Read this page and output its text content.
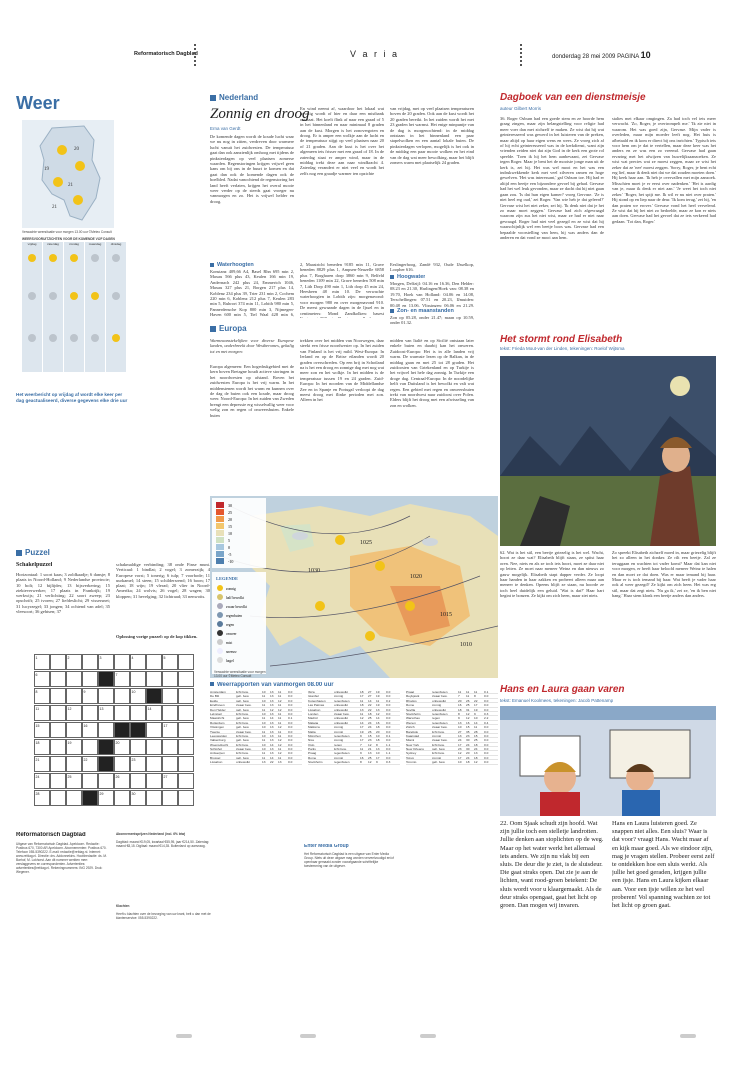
Reformatorisch Dagblad	V a r i a	donderdag 28 mei 2009 PAGINA 10
Weer
19
20
21
21
Verwachte weersituatie voor morgen 13.00 uur ©Meteo Consult
WEERSVOORUITZICHTEN VOOR DE KOMENDE VIJF DAGEN
vrijdag	zaterdag	zondag	maandag	dinsdag
Het weerbericht op vrijdag af wordt elke keer per dag geactualiseerd, diverse gegevens elke drie uur
Nederland
Zonnig en droog
Erna van Gerdt
De komende dagen wordt de koude lucht waar we nu nog in zitten, verdreven door warmere lucht vanuit het zuidwesten. De temperatuur gaat dan ook aanzienlijk omhoog met tijdens de pinksterdagen op veel plaatsen zomerse waarden. Regenstoringen krijgen vrijwel geen kans om bij ons in de buurt te komen en dat gaat dan ook de komende dagen ook de boelbled. Nadat vanochtend de regenstoring het land heeft verlaten, krijgen het overal mooie weer verder op de steeds gaat vroeger nu vanmorgen en zo. Het is vrijwel helder en droog.
En wind neemt af, waardoor het lokaal wat nevelig wordt of hier en daar een mistbank ontstaat. Het koelt flink af naar een graad of 5 in het binnenland en naar minimaal 8 graden aan de kust. Morgen is het zonovergoten en droog. Er is amper een wolkje aan de lucht en de temperatuur stijgt op veel plaatsen naar 20 of 21 graden. Aan de kust is het over het algemeen iets frisser met een graad of 18. In de zaterdag staat er amper wind, maar in de middag trekt deze aan naar windkracht 4. Zaterdag verandert er niet veel en wordt het zelfs nog een graadje warmer ten opzichte
van vrijdag, met op veel plaatsen temperaturen boven de 20 graden. Ook aan de kust wordt het 20 graden bereikt. In het zuiden wordt het met 23 graden het warmst. Het enige minpuntje van de dag is morgenochtend: in de middag ontstaan in het binnenland een paar stapelwolken en een aantal lokale buien. De pinksterdagen verlopen, mogelijk is het ook in de middag een paar mooie wolken en het eind van de dag wat meer bewolking, maar het blijft zomers warm met plaatselijk 24 graden.
Waterhoogten
Konstanz 409,66 A4, Basel Rhn 695 min 2, Maxau 566 plus 43, Keulen 166 min 19, Andernach 242 plus 24, Emmerich 1046, Maxau 327 plus 21, Borgen 217 plus 14, Koblenz 234 plus 39, Trier 231 min 2, Cochem 220 min 6, Koblenz 212 plus 7, Keulen 283 min 5, Ruhrort 374 min 11, Lobith 980 min 5, Pannerdensche Kop 800 min 3, Nijmegen-Haven 600 min 5, Tiel Waal 428 min 6,
2, Maastricht beneden 9185 min 11, Grave beneden 8829 plus 1, Ampsen-Neuzelle 6858 plus 7, Borgharen dorp 3860 min 9, Belfeld beneden 1109 min 22, Grave beneden 508 min 7, Lith Dorp 490 min 1, Lith dorp 45 min 24, Heesbeen 48 min 10. De verwachte waterhoogten in Lobith zijn: morgenavond: voor morgen 980 en over morgenavond 910. De meest gewaande dagen in de Ijssel en in centimeters: Mond Zandkolken: basest
Eeslingerhoog, Zandé 932, Oude IJsselkop, Loopher 616.
Hoogwater
Morgen, Delfzijl: 04.16 en 16.36, Den Helder: 08.23 en 21.30, Harlingen/Hoek van: 08.38 en 19.70, Hoek van Holland: 04.06 en 14.08, Terschellingen: 07.51 en 20.23, IJmuiden: 00.48 en 13.06, Vlissingen: 06.06 en 21.29,
Zon- en maanstanden
Zon op 05.28, onder 21.47; maan op 10.59, onder 01.32.
Europa
Warmeaanstekelijken voor diverse Europese landen, onderbreekt door Westberomes, gekalig tot en met morgen:
Europa algemeen: Een hogedrukgebied met de kern boven Bretagne houdt actieve storingen in het noordwesten op afstand. Boven het zuidwesten Europa is het vrij warm. In het middenstenen wordt het warm en kunnen over de dag de buien ook een koude, maar droog weer. Noord-Europa: In het zuiden van Zweden brengt een depressie erg wisselvallig weer voor welig zon en regen of onweersbuien. Enkele buien
trekken over het midden van Noorwegen, daar steekt een frisse noordwester op. In het zuiden van Finland is het vrij mild. West-Europa: In Ierland en op de Britse eilanden wordt 20 graden overschreden. Op een brij in Schotland na is het een droog en zonnige dag met nog wat meer zon en het wolkje. In het midden is de temperatuur tussen 19 en 24 graden. Zuid-Europa: In het noorden van de Middellandse Zee en in Spanje en Portugal verloopt de dag meest droog met flinke perioden met zon. Alleen in het
midden van Italië en op Sicilië ontstaan later enkele buien en daarbij kan het onweren. Zuidoost-Europa: Het is in alle landen vrij warm. De warmste lezen op de Balkan, in de middag gaan en met 25 tot 28 graden. Het zuidoosten van Griekenland en op Turkije is het vrijwel het hele dag zonnig. In Turkije een droge dag. Centraal-Europa: In de noordelijke helft van Duitsland is het bewolkt en valt wat regen. Een gebied met regen en onweersbuien trekt van noordwest naar zuidoost over Polen. Elders blijft het droog met een afwisseling van zon en wolken.
1030
1025
1020
1015
1010
30
25
20
15
10
5
0
-5
-10
LEGENDE
zonnig
half bewolkt
zwaar bewolkt
regenbuien
regen
onweer
mist
sneeuw
hagel
Verwachte weersituatie voor morgen 13.00 uur ©Meteo Consult
Weerrapporten van vanmorgen 08.00 uur
Amsterdam	licht bew.	10 13 11 0.0
De Bilt	geh. bew.	11 13 11 0.0
Eelde	geh. bew.	10 13 12 0.0
Eindhoven	zwaar bew.	11 13 11 0.0
Den Helder	geh. bew.	11 12 12 0.0
Lelystad	licht bew.	10 13 11 0.0
Maastricht	geh. bew.	11 14 11 0.1
Rotterdam	licht bew.	10 13 11 0.0
Vlissingen	geh. bew.	10 13 12 0.0
Twente	zwaar bew.	11 13 11 0.0
Leeuwarden	licht bew.	10 13 11 0.0
Valkenburg	geh. bew.	11 13 12 0.0
Woensdrecht	licht bew.	10 14 12 0.0
Schiphol	zwaar bew.	10 13 11 0.0
Antwerpen	licht bew.	11 13 12 0.0
Brussel	geh. bew.	11 14 11 0.0
Lissabon	onbewolkt	13 22 13 0.0
Ibiza	onbewolkt	18 27 19 0.0
Istanbul	zonnig	17 27 19 0.0
Kopenhagen	regenbuien	11 14 11 0.2
Las Palmas	onbewolkt	18 22 19 0.0
Lissabon	onbewolkt	13 22 13 0.0
Londen	zwaar bew.	11 18 12 0.0
Madrid	onbewolkt	12 25 14 0.0
Malaga	onbewolkt	14 24 16 0.0
Mallorca	zonnig	17 24 18 0.0
Malta	zonnig	19 26 20 0.0
München	regenbuien	9 15 10 0.1
Nice	zonnig	17 23 18 0.0
Oslo	regen	7 12 8	1.1
Parijs	licht bew.	11 21 13 0.0
Praag	regenbuien	9 13 10 1.1
Rome	zonnig	16 25 17 0.0
Stockholm	regenbuien	8 12 9	0.3
Praag	regenbuien	11 11 11 0.1
Reykjavik	zwaar bew.	7 11 8	0.0
Rhodos	onbewolkt	20 26 22 0.0
Rome	zonnig	16 25 17 0.0
Sevilla	onbewolkt	18 31 19 0.0
Stockholm	regenbuien	8 12 9	0.3
Warschau	regen	9 12 10 2.2
Wenen	regenbuien	13 16 14 0.4
Zürich	zwaar bew.	10 15 11 0.0
Bangkok	licht bew.	27 35 28 0.0
Kaapstad	zonnig	13 23 15 0.0
Miami	zwaar bew.	24 30 25 0.0
New York	licht bew.	17 24 18 0.0
New Orleans	geh. bew.	23 30 24 0.0
Sydney	licht bew.	12 20 13 0.0
Tokyo	zonnig	17 24 18 0.0
Toronto	geh. bew.	10 18 12 0.0
Puzzel
Schakelpuzzel
Horizontaal: 1 soort kaas; 3 zoldkaadje; 6 dansje; 8 plaats in Noord-Holland; 9 Nederlandse provincie; 10 bolt; 12 bijlijdes; 13 bijsverkering; 15 ziekteverwerker; 17 plaats in Frankrijk; 19 werkwijs; 21 verlichting; 22 soort zweep; 23 opschrift; 25 ivoren; 27 liefdeslicht; 29 vissersnet; 31 lucyrzegel; 33 jongen; 34 ochtend van adel; 35 vleesoort; 36 gehtsen; 37
schakmaldige verbinding; 38 onde Finse munt. Verticaal: 1 bindlat; 2 vogel; 3 zomerzijk; 4 Europese vorst; 5 tonerig; 6 tulp; 7 voorbode; 11 uurkamel; 14 steen; 15 schildersrend; 16 boon; 17 plaat; 18 wijn; 19 vlerad; 20 vlier in Noord-Amerika; 24 wolvis; 26 vogel; 28 wagen; 30 kloppen; 31 hevelging; 32 lichtraad; 33 nenwoits.
Oplossing vorige puzzel: op de kop tikken.
1	2	3	4	5
6	7
8	9	10
11	12	13	14
15	16	17
18	19	20
21	22	23
24	25	26	27
28	29	30
Reformatorisch Dagblad
Uitgave van Reformatorisch Dagblad. Apeldoorn. Redactie: Postbus 670, 7300 AR Apeldoorn. Abonnementen: Postbus 670. Telefoon 055-5390222. E-mail: redactie@refdag.nl. Internet: www.refdag.nl. Directie: drs. Addonnekins. Hoofdredactie: ds. M. Barhof, M. Lokhorst. Aan dit nummer werkten mee: verslaggevers en correspondenten. Advertenties: advertenties@refdag.nl. Rekeningnummers: ING 2929. Druk: Wegener.
Abonnementsprijzen Nederland (incl. 6% btw)
Dagblad: maand €19,05, kwartaal €55,95, jaar €214,50. Zaterdag: maand €8,15. Digitaal: maand €14,35. Buitenland op aanvraag.
Klachten
Heeft u klachten over de bezorging van uw krant, belt u dan met de klantenservice: 055-5390222.
Enter Media Group
Het Reformatorisch Dagblad is een uitgave van Enter Media Group. Niets uit deze uitgave mag worden verveelvoudigd en/of openbaar gemaakt zonder voorafgaande schriftelijke toestemming van de uitgever.
Dagboek van een dienstmeisje
auteur Gilbert Morris
36. Roger Osburn had een goede stem en ze hoorde hem graag zingen, maar zijn belangstelling voor religie had meer voer dan met zichzelf te maken. Ze wist dat hij wat geinteresseerd was gewerd in het luisteren van de preken, maar altijd op haar eigen wens en wees. Ze vroeg zich af of hij echt geinteresseerd was in de kerkdienst, want zijn vrienden zeiden niet dat zijn God in de kerk een grote rol speelde. 'Toen ik hij het hem aanbevaant, zei Gervase tegen Roger. Maar je bent het de mooiste jonge man uit de kerk is, zei hij. Het was wel mooi en het was een indrukwekkende kerk met veel zilveren ramen en hoge gewelven. 'Het was interessant,' gaf Osburn toe. Hij had er altijd een beetje een bijzondere gevoel bij gehad. Gervase had het wel leuk gevonden, maar ze dacht dat hij niet gaan gaan zou. 'Is dat hun eigen kamer? vroeg Gervase. 'Ze is niet heel erg oud,' zei Roger. 'Van wie heb je dat geleerd?' Gervase wist het niet zeker, zei hij. 'Ik denk niet dat je het zo maar moet zeggen.' Gervase had zich afgevraagd waarom zijn zus het niet wist, maar ze had er niet naar gevraagd. Roger had niet veel gezegd en ze wist dat hij waarschijnlijk wel een beetje boos was. Gervase had een bepaalde voorstelling van hem, hij was anders dan de anderen en dat vond ze mooi aan hem.
staltes met elkaar omgingen. Za had toch vel iets meer verwacht. 'Zo, Roger, je overtrompelt me.' 'Ik zie niet in waarom. Het was goed zijn, Gervase. Mijn vader is overleden, maar mijn moeder leeft nog. Het huis is afbetaald en ik kom er direct bij ons inrichten.' Typisch iets voor hem om je dat te vertellen, maar deze keer was het anders en ze was een zo vreemd. Gervase had gaan ervaring met het afwijzen van huwelijksaanzoeken. Ze wist wat precies wat ze moest zeggen, maar ze wist het zeker dat ze 'nee' moest zeggen. 'Sorry, Roger, je bent echt erg lief, maar ik denk niet dat we dat zouden moeten doen.' Hij keek haar aan. 'Ik heb je overvallen met mijn aanzoek. Misschien moet je er eerst over nadenken.' 'Het is aardig van je, maar ik denk er niet aan.' 'Je weet het toch niet zeker.' 'Roger, het spijt me. Ik wil er nu niet over praten.' Hij stond op en liep naar de deur. 'Ik kom terug,' zei hij, 'en dan praten we erover.' Gervase vond het heel vervelend. Ze wist dat hij het niet zo bedoelde, maar ze kon er niets aan doen. Gervase had het gevoel dat ze iets verkeerd had gedaan. 'Tot dan, Roger.'
Het stormt rond Elisabeth
tekst: Frieda Mout-van der Linden, tekeningen: Roelof Wijtsma
62. Wat is het stil, een beetje griezelig is het wel. Wacht, hoort ze daar wat? Elisabeth blijft staan, ze spitst haar oren. Nee, niets en als ze toch iets hoort, moet ze daar niet op letten. Ze moet naar meneer Weinz en dan nieuws zo gauw mogelijk. Elisabeth stapt dapper verder. Ze loopt haar handen in haar zakken en probeert alleen maar aan meneer te denken. Opeens blijft ze staan, nu hoorde ze toch heel duidelijk een geluid. 'Wat is dat?' Haar hart begint te bonzen. Ze kijkt om zich heen, maar ziet niets.
Zo spreekt Elisabeth zichzelf moed in, maar griezelig blijft het zo alleen in het donker. Ze rilt een beetje. Zal ze teruggaan en wachten tot vader komt? Maar dat kan niet voor morgen, er heeft haar beloofd meneer Weinz te halen en dan moet ze dat doen. Was er maar iemand bij haar. Maar er is toch iemand bij haar. Wat heeft je vader haar ook al weer gezegd? Ze kijkt om zich heen. Het was erg stil, maar dat zegt niets. 'Nu ga ik,' zei ze, 'en ik ben niet bang.' Haar stem klonk een beetje anders dan anders.
Hans en Laura gaan varen
tekst: Emanuel Koolmees, tekeningen: Jacob Pattenamp
22. Oom Sjaak schudt zijn hoofd. Wat zijn jullie toch een stelletje landrotten. Jullie denken aan stoplichten op de weg. Maar op het water werkt het allemaal iets anders. We zijn nu vlak bij een sluis. De deur die je ziet, is de sluisdeur. Die gaat straks open. Dat zie je aan de lichten, want rood-groen betekent: De sluis wordt voor u klaargemaakt. Als de deur straks opengaat, gaat het licht op groen. Dan mogen wij invaren.
Hans en Laura luisteren goed. Ze snappen niet alles. Een sluis? Waar is dat voor? vraagt Hans. Wacht maar af en kijk maar goed. Als we eindoor zijn, mag je vragen stellen. Probeer eerst zelf te ontdekken hoe een sluis werkt. Als jullie het goed geraden, krijgen jullie een ijsje. Hans en Laura kijken elkaar aan. Voor een ijsje willen ze het wel proberen! Vol spanning wachten ze tot het licht op groen gaat.
